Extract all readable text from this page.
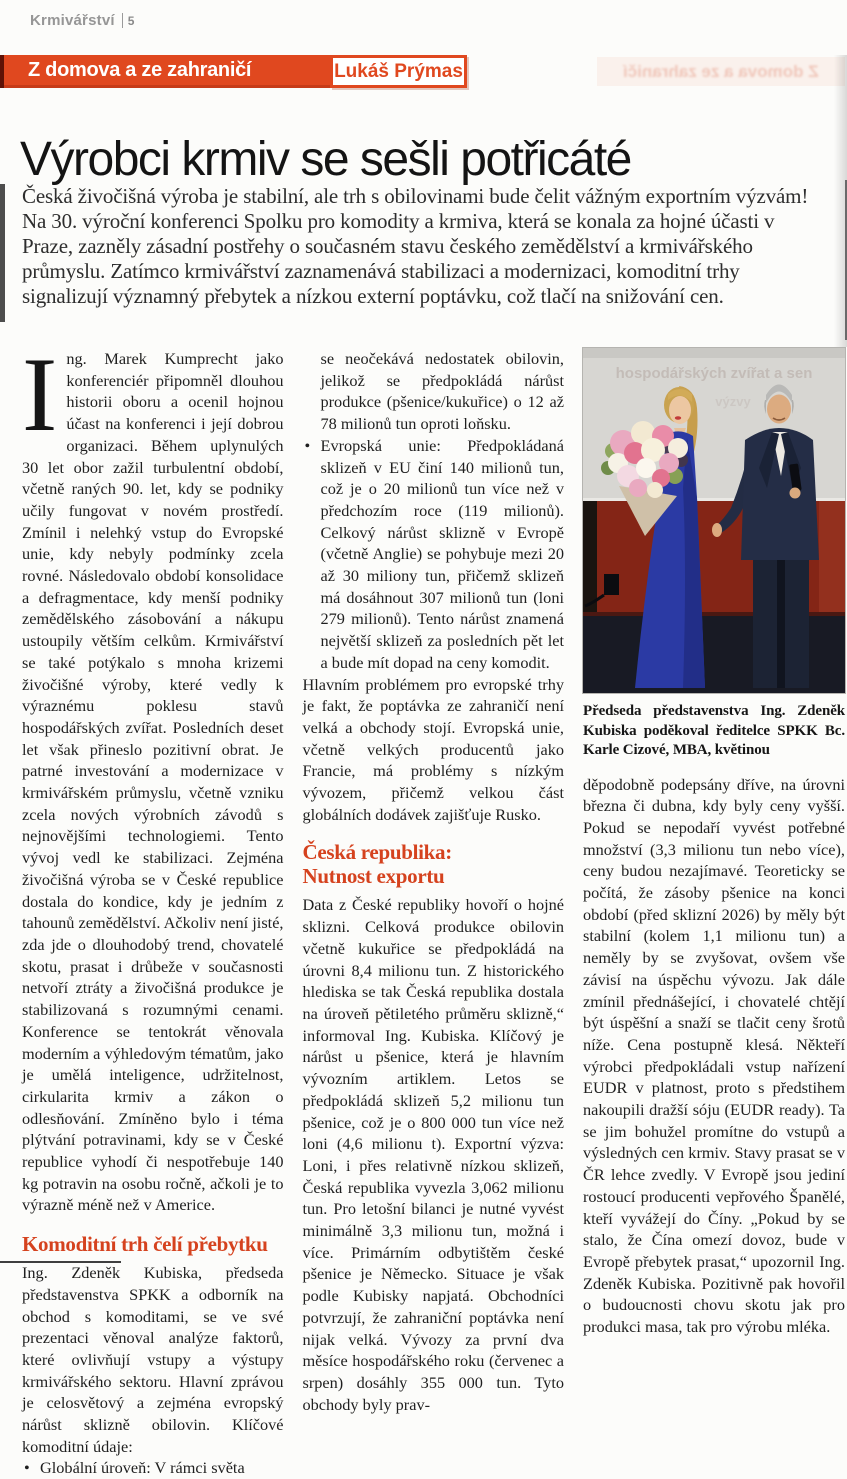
Krmivářství 5
Z domova a ze zahraničí	Lukáš Prýmas	Z domova a ze zahraničí
Výrobci krmiv se sešli potřicáté
Česká živočišná výroba je stabilní, ale trh s obilovinami bude čelit vážným exportním výzvám! Na 30. výroční konferenci Spolku pro komodity a krmiva, která se konala za hojné účasti v Praze, zazněly zásadní postřehy o současném stavu českého zemědělství a krmivářského průmyslu. Zatímco krmivářství zaznamenává stabilizaci a modernizaci, komoditní trhy signalizují významný přebytek a nízkou externí poptávku, což tlačí na snižování cen.

Ing. Marek Kumprecht jako konferenciér připomněl dlouhou historii oboru a ocenil hojnou účast na konferenci i její dobrou organizaci. Během uplynulých 30 let obor zažil turbulentní období, včetně raných 90. let, kdy se podniky učily fungovat v novém prostředí. Zmínil i nelehký vstup do Evropské unie, kdy nebyly podmínky zcela rovné. Následovalo období konsolidace a defragmentace, kdy menší podniky zemědělského zásobování a nákupu ustoupily větším celkům. Krmivářství se také potýkalo s mnoha krizemi živočišné výroby, které vedly k výraznému poklesu stavů hospodářských zvířat. Posledních deset let však přineslo pozitivní obrat. Je patrné investování a modernizace v krmivářském průmyslu, včetně vzniku zcela nových výrobních závodů s nejnovějšími technologiemi. Tento vývoj vedl ke stabilizaci. Zejména živočišná výroba se v České republice dostala do kondice, kdy je jedním z tahounů zemědělství. Ačkoliv není jisté, zda jde o dlouhodobý trend, chovatelé skotu, prasat i drůbeže v současnosti netvoří ztráty a živočišná produkce je stabilizovaná s rozumnými cenami. Konference se tentokrát věnovala moderním a výhledovým tématům, jako je umělá inteligence, udržitelnost, cirkularita krmiv a zákon o odlesňování. Zmíněno bylo i téma plýtvání potravinami, kdy se v České republice vyhodí či nespotřebuje 140 kg potravin na osobu ročně, ačkoli je to výrazně méně než v Americe.

Komoditní trh čelí přebytku

Ing. Zdeněk Kubiska, předseda představenstva SPKK a odborník na obchod s komoditami, se ve své prezentaci věnoval analýze faktorů, které ovlivňují vstupy a výstupy krmivářského sektoru. Hlavní zprávou je celosvětový a zejména evropský nárůst sklizně obilovin. Klíčové komoditní údaje:

• Globální úroveň: V rámci světa

se neočekává nedostatek obilovin, jelikož se předpokládá nárůst produkce (pšenice/kukuřice) o 12 až 78 milionů tun oproti loňsku.

• Evropská unie: Předpokládaná sklizeň v EU činí 140 milionů tun, což je o 20 milionů tun více než v předchozím roce (119 milionů). Celkový nárůst sklizně v Evropě (včetně Anglie) se pohybuje mezi 20 až 30 miliony tun, přičemž sklizeň má dosáhnout 307 milionů tun (loni 279 milionů). Tento nárůst znamená největší sklizeň za posledních pět let a bude mít dopad na ceny komodit.

Hlavním problémem pro evropské trhy je fakt, že poptávka ze zahraničí není velká a obchody stojí. Evropská unie, včetně velkých producentů jako Francie, má problémy s nízkým vývozem, přičemž velkou část globálních dodávek zajišťuje Rusko.

Česká republika:
Nutnost exportu

Data z České republiky hovoří o hojné sklizni. Celková produkce obilovin včetně kukuřice se předpokládá na úrovni 8,4 milionu tun. Z historického hlediska se tak Česká republika dostala na úroveň pětiletého průměru sklizně,“ informoval Ing. Kubiska. Klíčový je nárůst u pšenice, která je hlavním vývozním artiklem. Letos se předpokládá sklizeň 5,2 milionu tun pšenice, což je o 800 000 tun více než loni (4,6 milionu t). Exportní výzva: Loni, i přes relativně nízkou sklizeň, Česká republika vyvezla 3,062 milionu tun. Pro letošní bilanci je nutné vyvést minimálně 3,3 milionu tun, možná i více. Primárním odbytištěm české pšenice je Německo. Situace je však podle Kubisky napjatá. Obchodníci potvrzují, že zahraniční poptávka není nijak velká. Vývozy za první dva měsíce hospodářského roku (červenec a srpen) dosáhly 355 000 tun. Tyto obchody byly prav-

hospodářských zvířat a sen
výzvy
Předseda představenstva Ing. Zdeněk Kubiska poděkoval ředitelce SPKK Bc. Karle Cizové, MBA, květinou

děpodobně podepsány dříve, na úrovni března či dubna, kdy byly ceny vyšší. Pokud se nepodaří vyvést potřebné množství (3,3 milionu tun nebo více), ceny budou nezajímavé. Teoreticky se počítá, že zásoby pšenice na konci období (před sklizní 2026) by měly být stabilní (kolem 1,1 milionu tun) a neměly by se zvyšovat, ovšem vše závisí na úspěchu vývozu. Jak dále zmínil přednášející, i chovatelé chtějí být úspěšní a snaží se tlačit ceny šrotů níže. Cena postupně klesá. Někteří výrobci předpokládali vstup nařízení EUDR v platnost, proto s předstihem nakoupili dražší sóju (EUDR ready). Ta se jim bohužel promítne do vstupů a výsledných cen krmiv. Stavy prasat se v ČR lehce zvedly. V Evropě jsou jediní rostoucí producenti vepřového Španělé, kteří vyvážejí do Číny. „Pokud by se stalo, že Čína omezí dovoz, bude v Evropě přebytek prasat,“ upozornil Ing. Zdeněk Kubiska. Pozitivně pak hovořil o budoucnosti chovu skotu jak pro produkci masa, tak pro výrobu mléka.
